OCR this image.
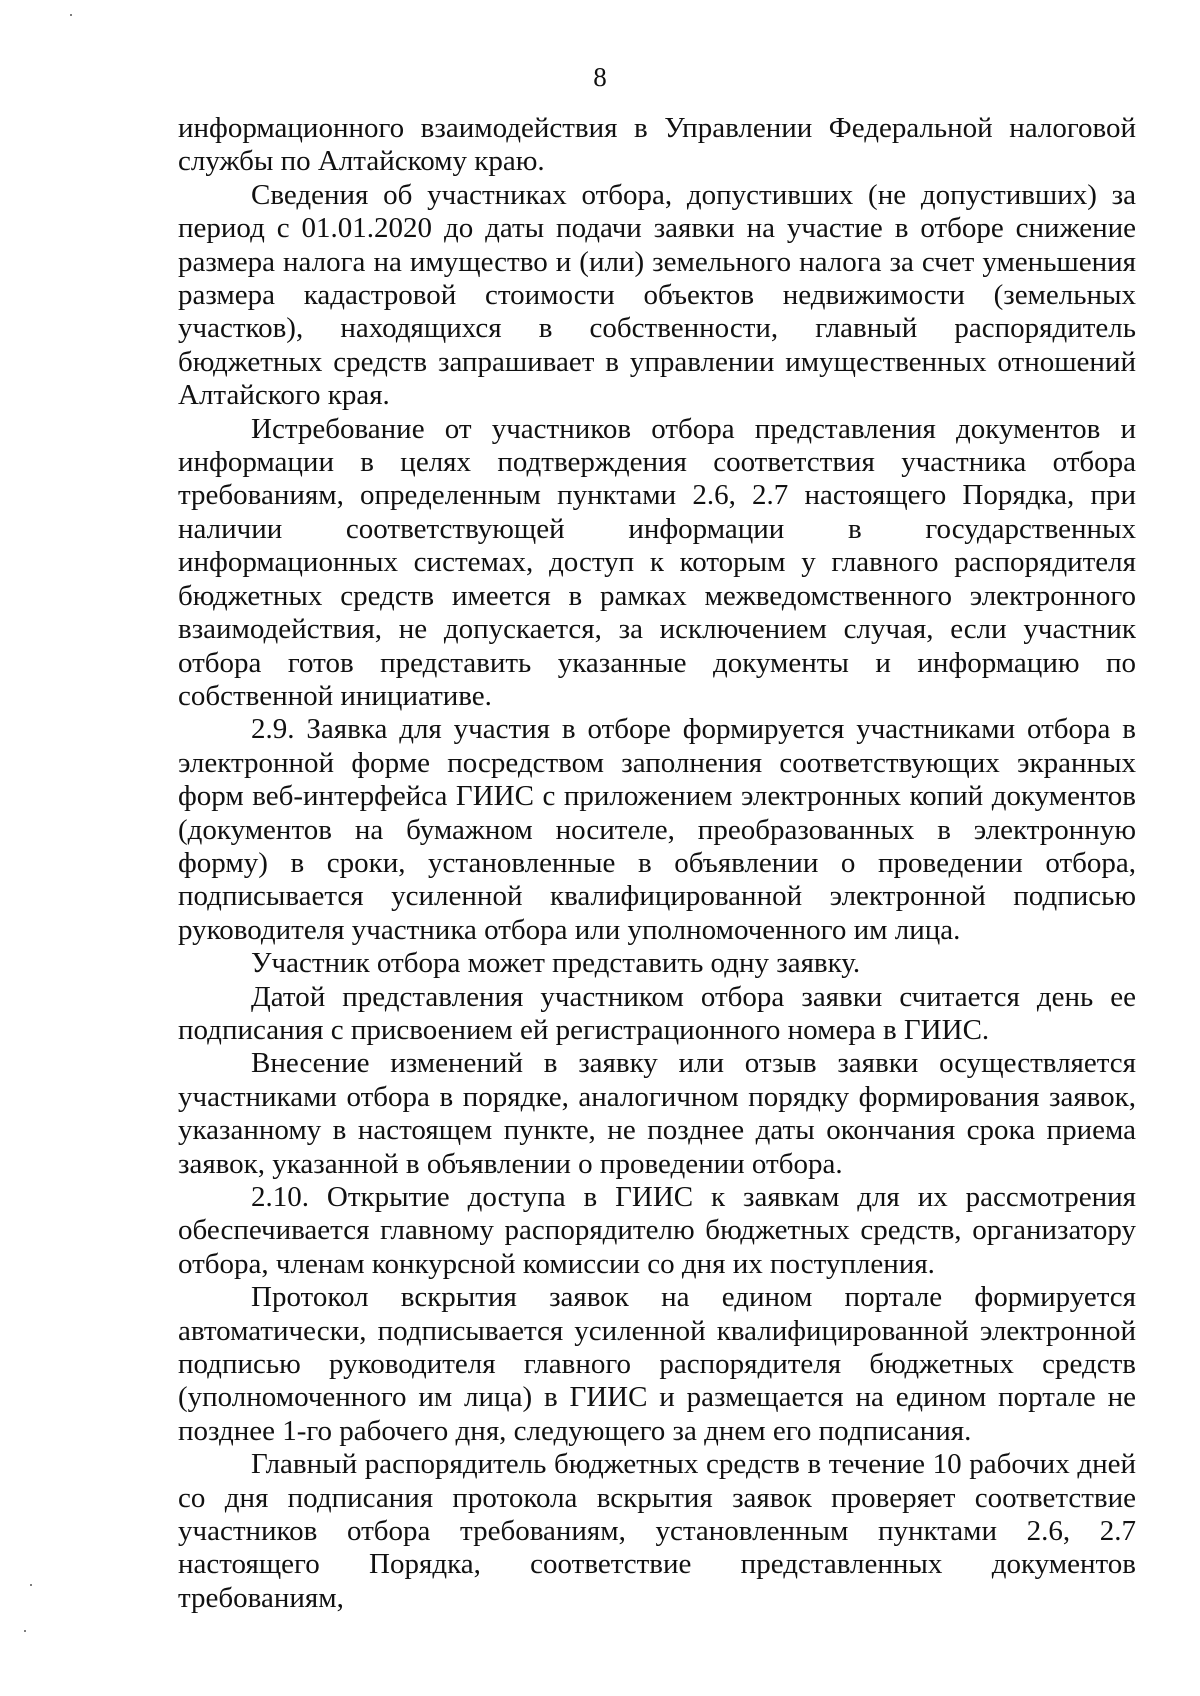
8

информационного взаимодействия в Управлении Федеральной налоговой службы по Алтайскому краю.

Сведения об участниках отбора, допустивших (не допустивших) за период с 01.01.2020 до даты подачи заявки на участие в отборе снижение размера налога на имущество и (или) земельного налога за счет уменьшения размера кадастровой стоимости объектов недвижимости (земельных участков), находящихся в собственности, главный распорядитель бюджетных средств запрашивает в управлении имущественных отношений Алтайского края.

Истребование от участников отбора представления документов и информации в целях подтверждения соответствия участника отбора требованиям, определенным пунктами 2.6, 2.7 настоящего Порядка, при наличии соответствующей информации в государственных информационных системах, доступ к которым у главного распорядителя бюджетных средств имеется в рамках межведомственного электронного взаимодействия, не допускается, за исключением случая, если участник отбора готов представить указанные документы и информацию по собственной инициативе.

2.9. Заявка для участия в отборе формируется участниками отбора в электронной форме посредством заполнения соответствующих экранных форм веб-интерфейса ГИИС с приложением электронных копий документов (документов на бумажном носителе, преобразованных в электронную форму) в сроки, установленные в объявлении о проведении отбора, подписывается усиленной квалифицированной электронной подписью руководителя участника отбора или уполномоченного им лица.

Участник отбора может представить одну заявку.

Датой представления участником отбора заявки считается день ее подписания с присвоением ей регистрационного номера в ГИИС.

Внесение изменений в заявку или отзыв заявки осуществляется участниками отбора в порядке, аналогичном порядку формирования заявок, указанному в настоящем пункте, не позднее даты окончания срока приема заявок, указанной в объявлении о проведении отбора.

2.10. Открытие доступа в ГИИС к заявкам для их рассмотрения обеспечивается главному распорядителю бюджетных средств, организатору отбора, членам конкурсной комиссии со дня их поступления.

Протокол вскрытия заявок на едином портале формируется автоматически, подписывается усиленной квалифицированной электронной подписью руководителя главного распорядителя бюджетных средств (уполномоченного им лица) в ГИИС и размещается на едином портале не позднее 1-го рабочего дня, следующего за днем его подписания.

Главный распорядитель бюджетных средств в течение 10 рабочих дней со дня подписания протокола вскрытия заявок проверяет соответствие участников отбора требованиям, установленным пунктами 2.6, 2.7 настоящего Порядка, соответствие представленных документов требованиям,
